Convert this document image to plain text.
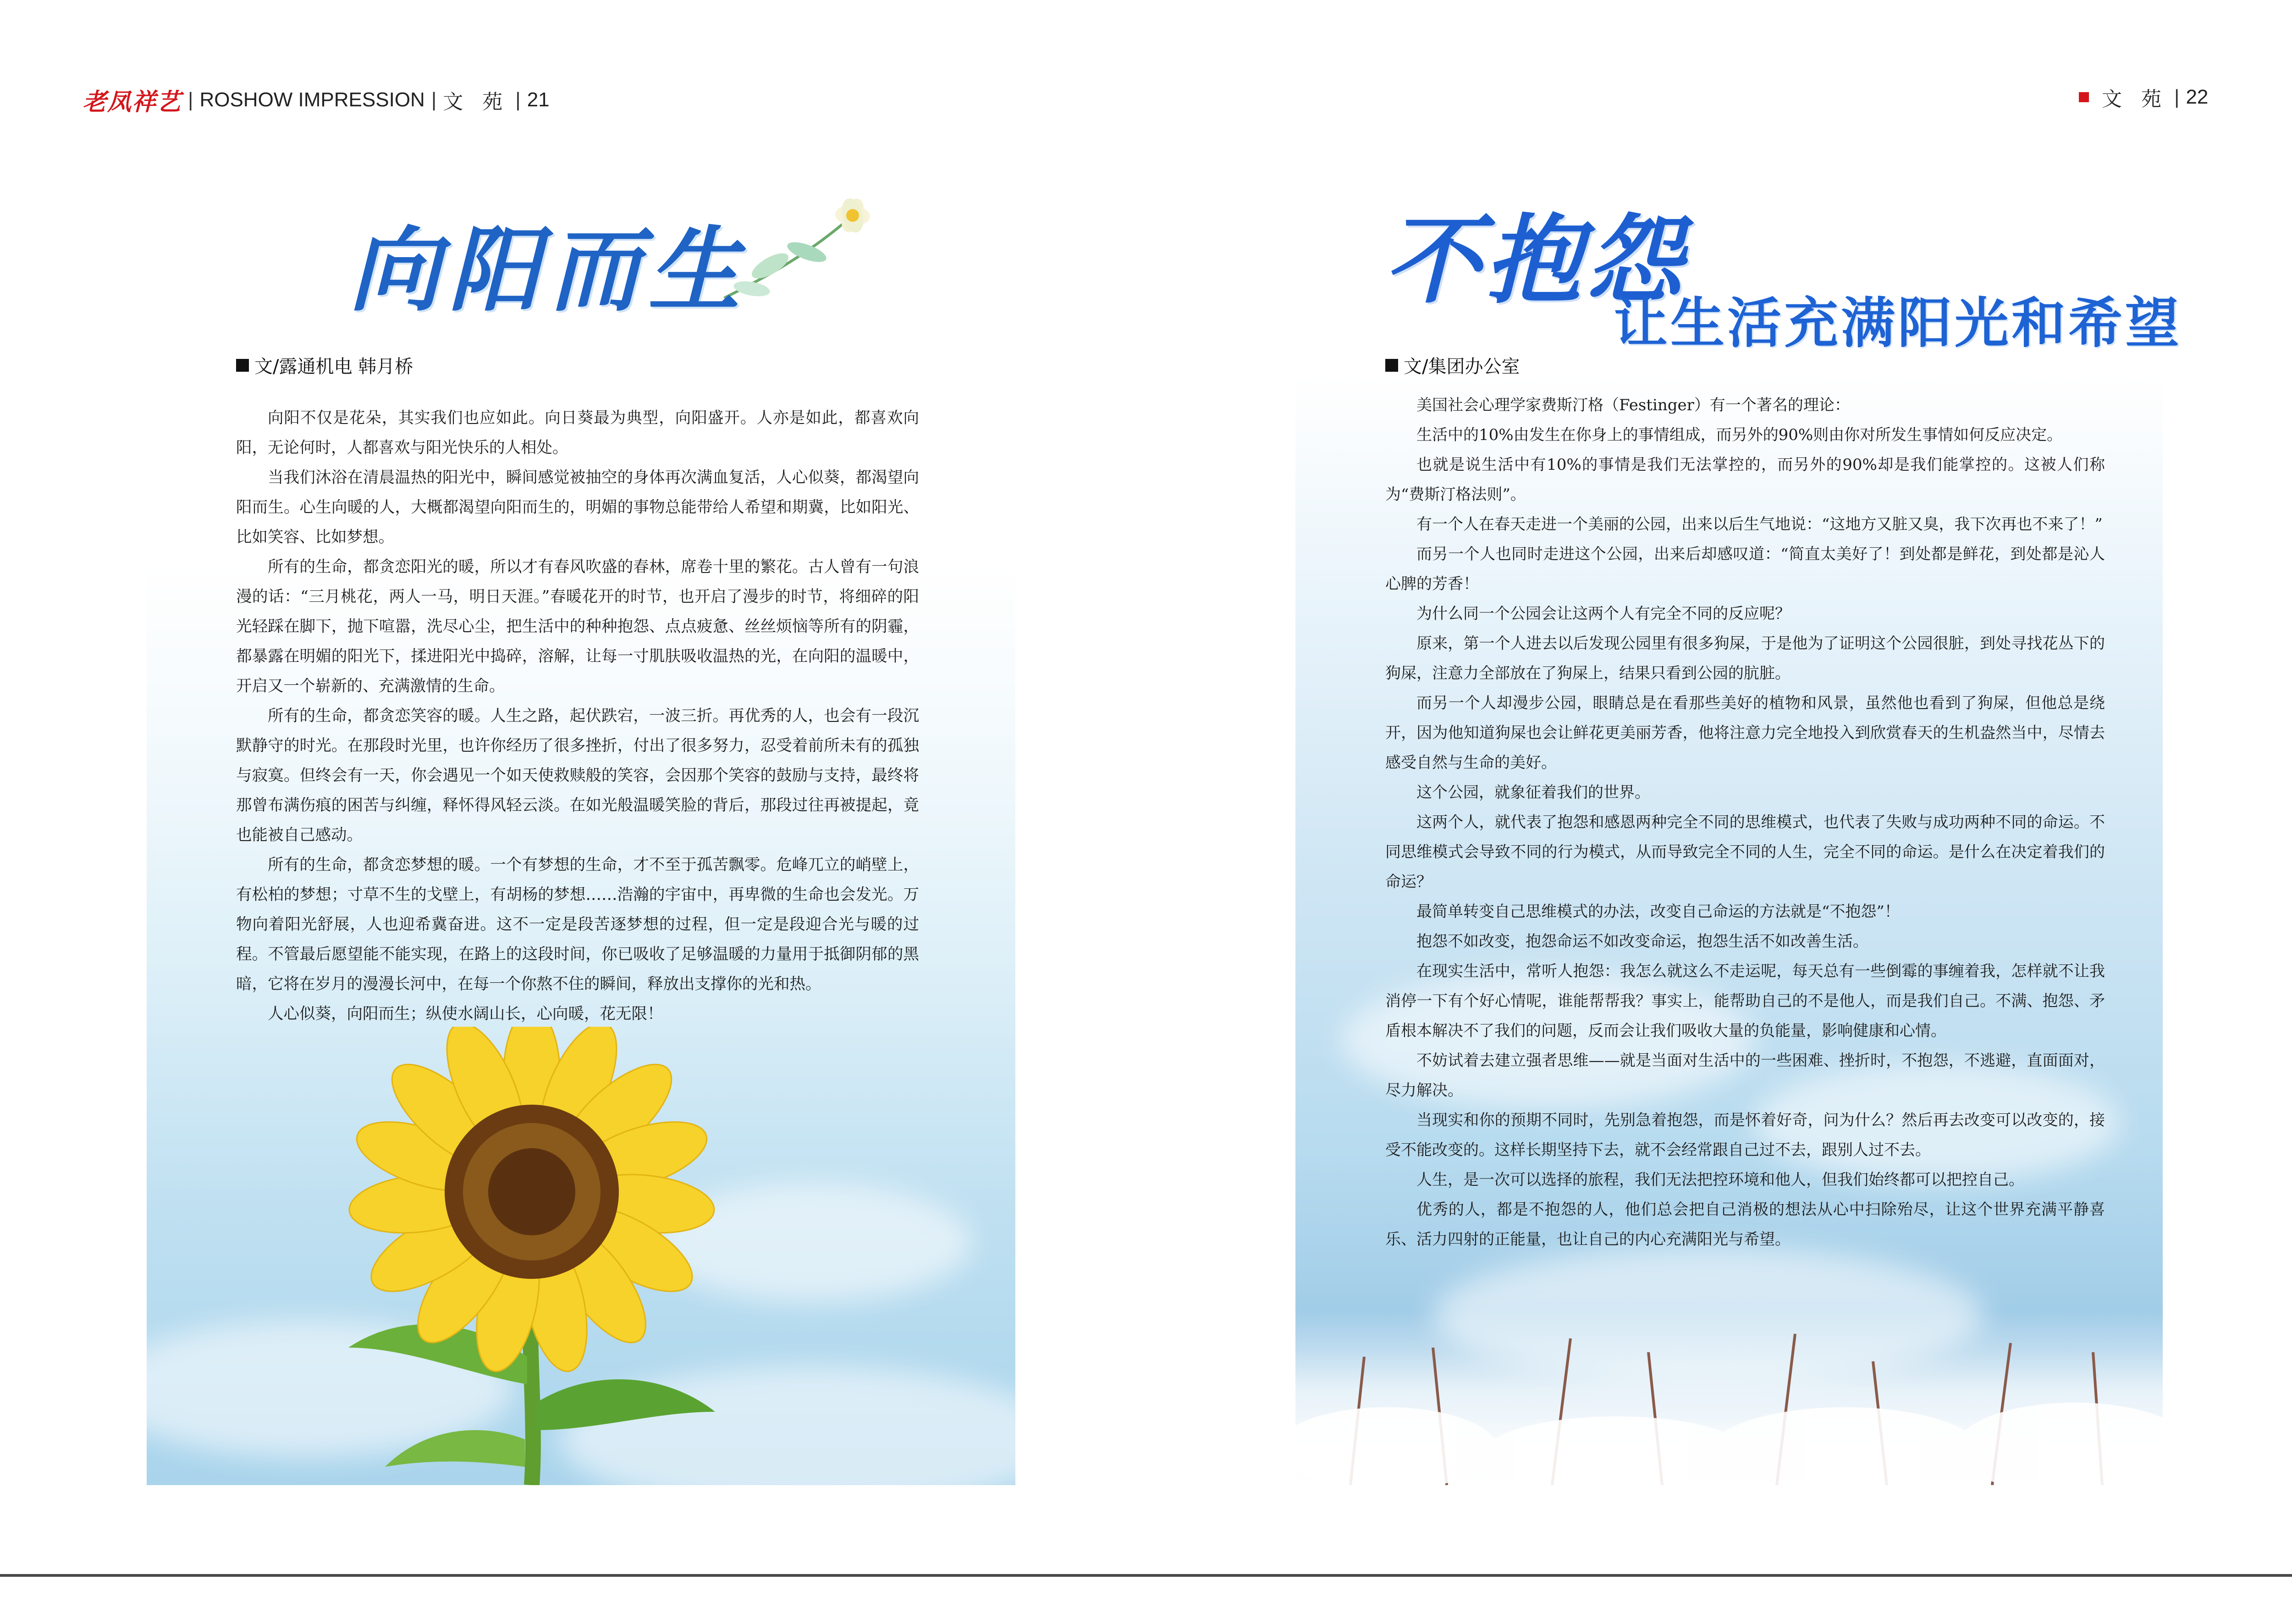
老凤祥艺 | ROSHOW IMPRESSION | 文 苑 | 21	文 苑 | 22
向阳而生	不抱怨
让生活充满阳光和希望
文/露通机电 韩月桥	文/集团办公室

向阳不仅是花朵，其实我们也应如此。向日葵最为典型，向阳盛开。人亦是如此，都喜欢向阳，无论何时，人都喜欢与阳光快乐的人相处。

当我们沐浴在清晨温热的阳光中，瞬间感觉被抽空的身体再次满血复活，人心似葵，都渴望向阳而生。心生向暖的人，大概都渴望向阳而生的，明媚的事物总能带给人希望和期冀，比如阳光、比如笑容、比如梦想。

所有的生命，都贪恋阳光的暖，所以才有春风吹盛的春林，席卷十里的繁花。古人曾有一句浪漫的话：“三月桃花，两人一马，明日天涯。”春暖花开的时节，也开启了漫步的时节，将细碎的阳光轻踩在脚下，抛下喧嚣，洗尽心尘，把生活中的种种抱怨、点点疲惫、丝丝烦恼等所有的阴霾，都暴露在明媚的阳光下，揉进阳光中捣碎，溶解，让每一寸肌肤吸收温热的光，在向阳的温暖中，开启又一个崭新的、充满激情的生命。

所有的生命，都贪恋笑容的暖。人生之路，起伏跌宕，一波三折。再优秀的人，也会有一段沉默静守的时光。在那段时光里，也许你经历了很多挫折，付出了很多努力，忍受着前所未有的孤独与寂寞。但终会有一天，你会遇见一个如天使救赎般的笑容，会因那个笑容的鼓励与支持，最终将那曾布满伤痕的困苦与纠缠，释怀得风轻云淡。在如光般温暖笑脸的背后，那段过往再被提起，竟也能被自己感动。

所有的生命，都贪恋梦想的暖。一个有梦想的生命，才不至于孤苦飘零。危峰兀立的峭壁上，有松柏的梦想；寸草不生的戈壁上，有胡杨的梦想……浩瀚的宇宙中，再卑微的生命也会发光。万物向着阳光舒展，人也迎希冀奋进。这不一定是段苦逐梦想的过程，但一定是段迎合光与暖的过程。不管最后愿望能不能实现，在路上的这段时间，你已吸收了足够温暖的力量用于抵御阴郁的黑暗，它将在岁月的漫漫长河中，在每一个你熬不住的瞬间，释放出支撑你的光和热。

人心似葵，向阳而生；纵使水阔山长，心向暖，花无限！

美国社会心理学家费斯汀格（Festinger）有一个著名的理论：

生活中的10%由发生在你身上的事情组成，而另外的90%则由你对所发生事情如何反应决定。

也就是说生活中有10%的事情是我们无法掌控的，而另外的90%却是我们能掌控的。这被人们称为“费斯汀格法则”。

有一个人在春天走进一个美丽的公园，出来以后生气地说：“这地方又脏又臭，我下次再也不来了！”

而另一个人也同时走进这个公园，出来后却感叹道：“简直太美好了！到处都是鲜花，到处都是沁人心脾的芳香！

为什么同一个公园会让这两个人有完全不同的反应呢？

原来，第一个人进去以后发现公园里有很多狗屎，于是他为了证明这个公园很脏，到处寻找花丛下的狗屎，注意力全部放在了狗屎上，结果只看到公园的肮脏。

而另一个人却漫步公园，眼睛总是在看那些美好的植物和风景，虽然他也看到了狗屎，但他总是绕开，因为他知道狗屎也会让鲜花更美丽芳香，他将注意力完全地投入到欣赏春天的生机盎然当中，尽情去感受自然与生命的美好。

这个公园，就象征着我们的世界。

这两个人，就代表了抱怨和感恩两种完全不同的思维模式，也代表了失败与成功两种不同的命运。不同思维模式会导致不同的行为模式，从而导致完全不同的人生，完全不同的命运。是什么在决定着我们的命运？

最简单转变自己思维模式的办法，改变自己命运的方法就是“不抱怨”！

抱怨不如改变，抱怨命运不如改变命运，抱怨生活不如改善生活。

在现实生活中，常听人抱怨：我怎么就这么不走运呢，每天总有一些倒霉的事缠着我，怎样就不让我消停一下有个好心情呢，谁能帮帮我？事实上，能帮助自己的不是他人，而是我们自己。不满、抱怨、矛盾根本解决不了我们的问题，反而会让我们吸收大量的负能量，影响健康和心情。

不妨试着去建立强者思维——就是当面对生活中的一些困难、挫折时，不抱怨，不逃避，直面面对，尽力解决。

当现实和你的预期不同时，先别急着抱怨，而是怀着好奇，问为什么？然后再去改变可以改变的，接受不能改变的。这样长期坚持下去，就不会经常跟自己过不去，跟别人过不去。

人生，是一次可以选择的旅程，我们无法把控环境和他人，但我们始终都可以把控自己。

优秀的人，都是不抱怨的人，他们总会把自己消极的想法从心中扫除殆尽，让这个世界充满平静喜乐、活力四射的正能量，也让自己的内心充满阳光与希望。
